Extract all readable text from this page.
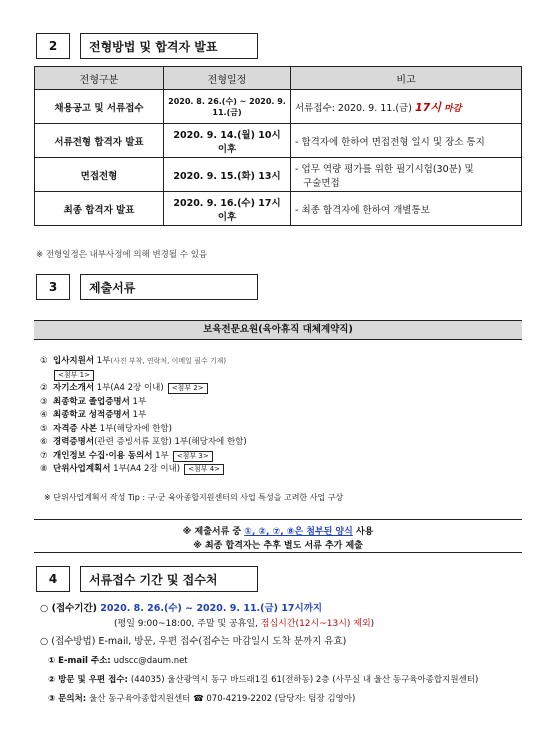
2	전형방법 및 합격자 발표
전형구분	전형일정	비고
채용공고 및 서류접수	2020. 8. 26.(수) ~ 2020. 9. 11.(금)	서류접수: 2020. 9. 11.(금) 17시 마감
서류전형 합격자 발표	2020. 9. 14.(월) 10시 이후	- 합격자에 한하여 면접전형 일시 및 장소 통지
면접전형	2020. 9. 15.(화) 13시	- 업무 역량 평가를 위한 필기시험(30분) 및
구술면접

최종 합격자 발표	2020. 9. 16.(수) 17시 이후	- 최종 합격자에 한하여 개별통보
※ 전형일정은 내부사정에 의해 변경될 수 있음
3	제출서류
보육전문요원(육아휴직 대체계약직)
① 입사지원서 1부(사진 부착, 연락처, 이메일 필수 기재)
<첨부 1>
② 자기소개서 1부(A4 2장 이내) <첨부 2>
③ 최종학교 졸업증명서 1부
④ 최종학교 성적증명서 1부
⑤ 자격증 사본 1부(해당자에 한함)
⑥ 경력증명서(관련 증빙서류 포함) 1부(해당자에 한함)
⑦ 개인정보 수집·이용 동의서 1부 <첨부 3>
⑧ 단위사업계획서 1부(A4 2장 이내) <첨부 4>
※ 단위사업계획서 작성 Tip : 구·군 육아종합지원센터의 사업 특성을 고려한 사업 구상
※ 제출서류 중 ①, ②, ⑦, ⑧은 첨부된 양식 사용
※ 최종 합격자는 추후 별도 서류 추가 제출
4	서류접수 기간 및 접수처
○ (접수기간) 2020. 8. 26.(수) ~ 2020. 9. 11.(금) 17시까지
(평일 9:00~18:00, 주말 및 공휴일, 점심시간(12시~13시) 제외)
○ (접수방법) E-mail, 방문, 우편 접수(접수는 마감일시 도착 분까지 유효)
① E-mail 주소: udscc@daum.net
② 방문 및 우편 접수: (44035) 울산광역시 동구 바드래1길 61(전하동) 2층 (사무실 내 울산 동구육아종합지원센터)
③ 문의처: 울산 동구육아종합지원센터 ☎ 070-4219-2202 (담당자: 팀장 김영아)
